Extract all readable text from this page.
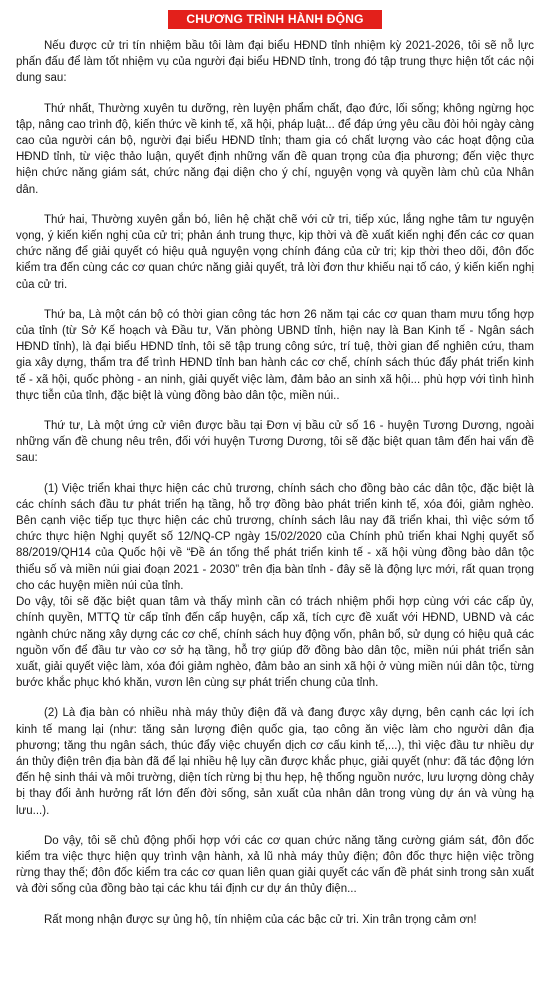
CHƯƠNG TRÌNH HÀNH ĐỘNG

Nếu được cử tri tín nhiệm bầu tôi làm đại biểu HĐND tỉnh nhiệm kỳ 2021-2026, tôi sẽ nỗ lực phấn đấu để làm tốt nhiệm vụ của người đại biểu HĐND tỉnh, trong đó tập trung thực hiện tốt các nội dung sau:

Thứ nhất, Thường xuyên tu dưỡng, rèn luyện phẩm chất, đạo đức, lối sống; không ngừng học tập, nâng cao trình độ, kiến thức về kinh tế, xã hội, pháp luật... để đáp ứng yêu cầu đòi hỏi ngày càng cao của người cán bộ, người đại biểu HĐND tỉnh; tham gia có chất lượng vào các hoạt động của HĐND tỉnh, từ việc thảo luận, quyết định những vấn đề quan trọng của địa phương; đến việc thực hiện chức năng giám sát, chức năng đại diện cho ý chí, nguyện vọng và quyền làm chủ của Nhân dân.

Thứ hai, Thường xuyên gắn bó, liên hệ chặt chẽ với cử tri, tiếp xúc, lắng nghe tâm tư nguyện vọng, ý kiến kiến nghị của cử tri; phản ánh trung thực, kịp thời và đề xuất kiến nghị đến các cơ quan chức năng để giải quyết có hiệu quả nguyện vọng chính đáng của cử tri; kịp thời theo dõi, đôn đốc kiểm tra đến cùng các cơ quan chức năng giải quyết, trả lời đơn thư khiếu nại tố cáo, ý kiến kiến nghị của cử tri.

Thứ ba, Là một cán bộ có thời gian công tác hơn 26 năm tại các cơ quan tham mưu tổng hợp của tỉnh (từ Sở Kế hoạch và Đầu tư, Văn phòng UBND tỉnh, hiện nay là Ban Kinh tế - Ngân sách HĐND tỉnh), là đại biểu HĐND tỉnh, tôi sẽ tập trung công sức, trí tuệ, thời gian để nghiên cứu, tham gia xây dựng, thẩm tra để trình HĐND tỉnh ban hành các cơ chế, chính sách thúc đẩy phát triển kinh tế - xã hội, quốc phòng - an ninh, giải quyết việc làm, đảm bảo an sinh xã hội... phù hợp với tình hình thực tiễn của tỉnh, đặc biệt là vùng đồng bào dân tộc, miền núi..

Thứ tư, Là một ứng cử viên được bầu tại Đơn vị bầu cử số 16 - huyện Tương Dương, ngoài những vấn đề chung nêu trên, đối với huyện Tương Dương, tôi sẽ đặc biệt quan tâm đến hai vấn đề sau:

(1) Việc triển khai thực hiện các chủ trương, chính sách cho đồng bào các dân tộc, đặc biệt là các chính sách đầu tư phát triển hạ tầng, hỗ trợ đồng bào phát triển kinh tế, xóa đói, giảm nghèo. Bên cạnh việc tiếp tục thực hiện các chủ trương, chính sách lâu nay đã triển khai, thì việc sớm tổ chức thực hiện Nghị quyết số 12/NQ-CP ngày 15/02/2020 của Chính phủ triển khai Nghị quyết số 88/2019/QH14 của Quốc hội về “Đề án tổng thể phát triển kinh tế - xã hội vùng đồng bào dân tộc thiểu số và miền núi giai đoạn 2021 - 2030” trên địa bàn tỉnh - đây sẽ là động lực mới, rất quan trọng cho các huyện miền núi của tỉnh.

Do vậy, tôi sẽ đặc biệt quan tâm và thấy mình cần có trách nhiệm phối hợp cùng với các cấp ủy, chính quyền, MTTQ từ cấp tỉnh đến cấp huyện, cấp xã, tích cực đề xuất với HĐND, UBND và các ngành chức năng xây dựng các cơ chế, chính sách huy động vốn, phân bổ, sử dụng có hiệu quả các nguồn vốn để đầu tư vào cơ sở hạ tầng, hỗ trợ giúp đỡ đồng bào dân tộc, miền núi phát triển sản xuất, giải quyết việc làm, xóa đói giảm nghèo, đảm bảo an sinh xã hội ở vùng miền núi dân tộc, từng bước khắc phục khó khăn, vươn lên cùng sự phát triển chung của tỉnh.

(2) Là địa bàn có nhiều nhà máy thủy điện đã và đang được xây dựng, bên cạnh các lợi ích kinh tế mang lại (như: tăng sản lượng điện quốc gia, tạo công ăn việc làm cho người dân địa phương; tăng thu ngân sách, thúc đẩy việc chuyển dịch cơ cấu kinh tế,...), thì việc đầu tư nhiều dự án thủy điện trên địa bàn đã để lại nhiều hệ lụy cần được khắc phục, giải quyết (như: đã tác động lớn đến hệ sinh thái và môi trường, diện tích rừng bị thu hẹp, hệ thống nguồn nước, lưu lượng dòng chảy bị thay đổi ảnh hưởng rất lớn đến đời sống, sản xuất của nhân dân trong vùng dự án và vùng hạ lưu...).

Do vậy, tôi sẽ chủ động phối hợp với các cơ quan chức năng tăng cường giám sát, đôn đốc kiểm tra việc thực hiện quy trình vận hành, xả lũ nhà máy thủy điện; đôn đốc thực hiện việc trồng rừng thay thế; đôn đốc kiểm tra các cơ quan liên quan giải quyết các vấn đề phát sinh trong sản xuất và đời sống của đồng bào tại các khu tái định cư dự án thủy điện...

Rất mong nhận được sự ủng hộ, tín nhiệm của các bậc cử tri. Xin trân trọng cảm ơn!
